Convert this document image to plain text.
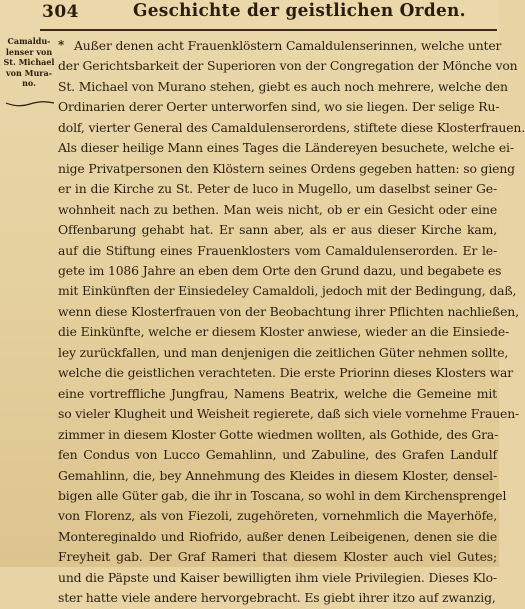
304	Geschichte der geistlichen Orden.
Camaldu-
lenser von
St. Michael
von Mura-
no.
* Außer denen acht Frauenklöstern Camaldulenserinnen, welche unter
der Gerichtsbarkeit der Superioren von der Congregation der Mönche von
St. Michael von Murano stehen, giebt es auch noch mehrere, welche den
Ordinarien derer Oerter unterworfen sind, wo sie liegen. Der selige Ru-
dolf, vierter General des Camaldulenserordens, stiftete diese Klosterfrauen.
Als dieser heilige Mann eines Tages die Ländereyen besuchete, welche ei-
nige Privatpersonen den Klöstern seines Ordens gegeben hatten: so gieng
er in die Kirche zu St. Peter de luco in Mugello, um daselbst seiner Ge-
wohnheit nach zu bethen. Man weis nicht, ob er ein Gesicht oder eine
Offenbarung gehabt hat. Er sann aber, als er aus dieser Kirche kam,
auf die Stiftung eines Frauenklosters vom Camaldulenserorden. Er le-
gete im 1086 Jahre an eben dem Orte den Grund dazu, und begabete es
mit Einkünften der Einsiedeley Camaldoli, jedoch mit der Bedingung, daß,
wenn diese Klosterfrauen von der Beobachtung ihrer Pflichten nachließen,
die Einkünfte, welche er diesem Kloster anwiese, wieder an die Einsiede-
ley zurückfallen, und man denjenigen die zeitlichen Güter nehmen sollte,
welche die geistlichen verachteten. Die erste Priorinn dieses Klosters war
eine vortreffliche Jungfrau, Namens Beatrix, welche die Gemeine mit
so vieler Klugheit und Weisheit regierete, daß sich viele vornehme Frauen-
zimmer in diesem Kloster Gotte wiedmen wollten, als Gothide, des Gra-
fen Condus von Lucco Gemahlinn, und Zabuline, des Grafen Landulf
Gemahlinn, die, bey Annehmung des Kleides in diesem Kloster, densel-
bigen alle Güter gab, die ihr in Toscana, so wohl in dem Kirchensprengel
von Florenz, als von Fiezoli, zugehöreten, vornehmlich die Mayerhöfe,
Montereginaldo und Riofrido, außer denen Leibeigenen, denen sie die
Freyheit gab. Der Graf Rameri that diesem Kloster auch viel Gutes;
und die Päpste und Kaiser bewilligten ihm viele Privilegien. Dieses Klo-
ster hatte viele andere hervorgebracht. Es giebt ihrer itzo auf zwanzig,
